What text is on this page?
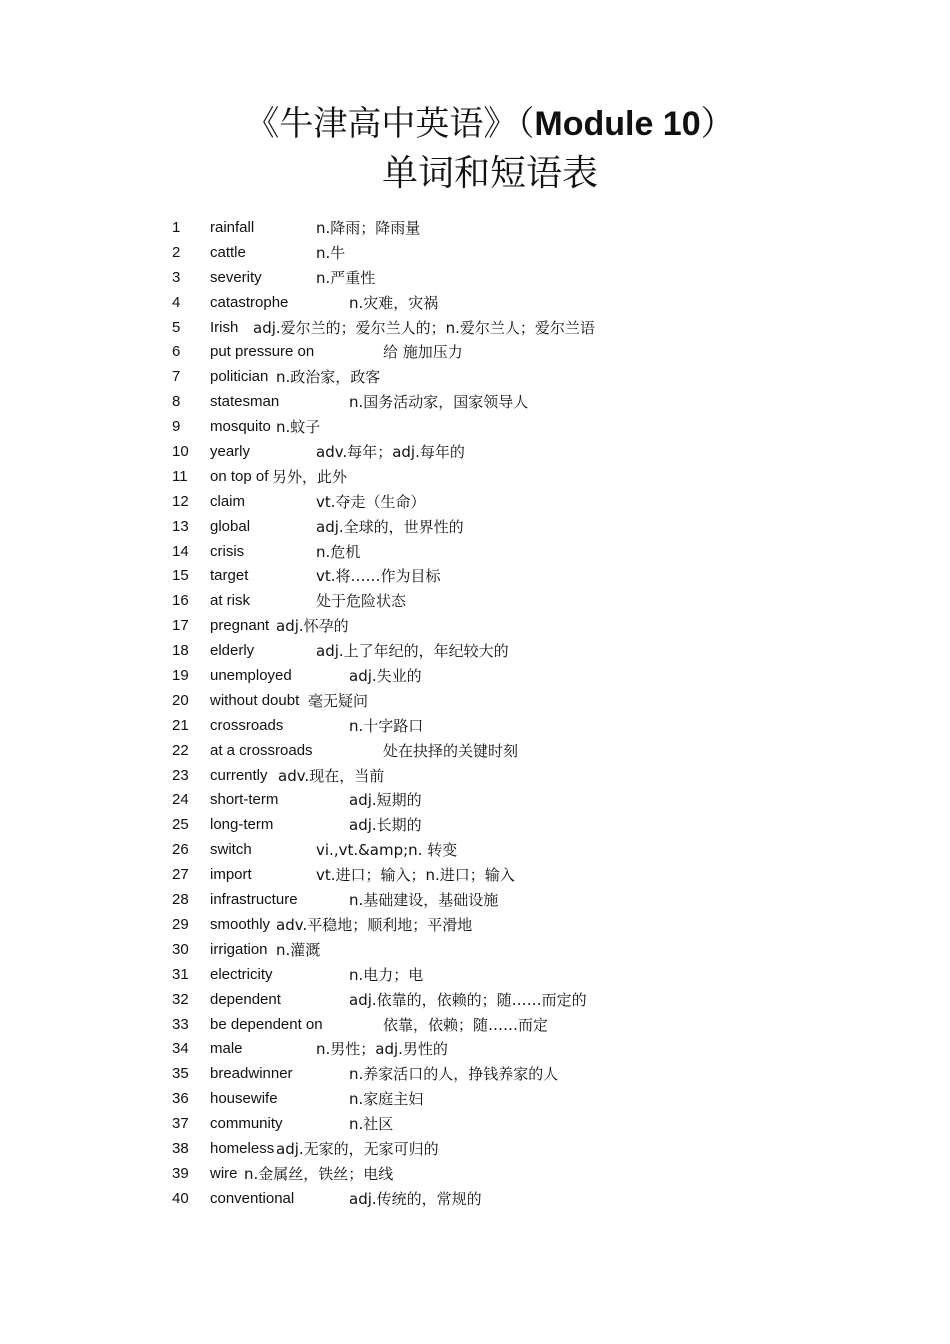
《牛津高中英语》（Module 10）
单词和短语表
1	rainfall	n.降雨；降雨量
2	cattle	n.牛
3	severity	n.严重性
4	catastrophe	n.灾难，灾祸
5	Irish adj.爱尔兰的；爱尔兰人的；n.爱尔兰人；爱尔兰语
6	put pressure on	给 施加压力
7	politician n.政治家，政客
8	statesman	n.国务活动家，国家领导人
9	mosquito n.蚊子
10	yearly	adv.每年；adj.每年的
11	on top of 另外，此外
12	claim	vt.夺走（生命）
13	global	adj.全球的，世界性的
14	crisis	n.危机
15	target	vt.将……作为目标
16	at risk	处于危险状态
17	pregnant adj.怀孕的
18	elderly	adj.上了年纪的，年纪较大的
19	unemployed	adj.失业的
20	without doubt 毫无疑问
21	crossroads	n.十字路口
22	at a crossroads	处在抉择的关键时刻
23	currently adv.现在，当前
24	short-term	adj.短期的
25	long-term	adj.长期的
26	switch	vi.,vt.&amp;n. 转变
27	import	vt.进口；输入；n.进口；输入
28	infrastructure	n.基础建设，基础设施
29	smoothly adv.平稳地；顺利地；平滑地
30	irrigation n.灌溉
31	electricity	n.电力；电
32	dependent	adj.依靠的，依赖的；随……而定的
33	be dependent on	依靠，依赖；随……而定
34	male	n.男性；adj.男性的
35	breadwinner	n.养家活口的人，挣钱养家的人
36	housewife	n.家庭主妇
37	community	n.社区
38	homeless adj.无家的，无家可归的
39	wire n.金属丝，铁丝；电线
40	conventional	adj.传统的，常规的
